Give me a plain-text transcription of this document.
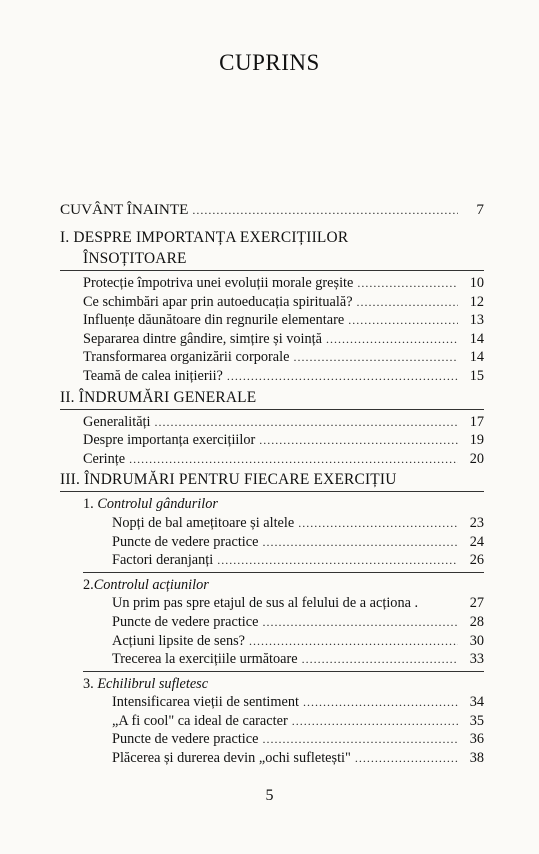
CUPRINS
CUVÂNT ÎNAINTE .....	7
I. DESPRE IMPORTANȚA EXERCIȚIILOR
ÎNSOȚITOARE
Protecție împotriva unei evoluții morale greșite .....	10
Ce schimbări apar prin autoeducația spirituală? .....	12
Influențe dăunătoare din regnurile elementare .....	13
Separarea dintre gândire, simțire și voință .....	14
Transformarea organizării corporale .....	14
Teamă de calea inițierii? .....	15
II. ÎNDRUMĂRI GENERALE
Generalități .....	17
Despre importanța exercițiilor .....	19
Cerințe .....	20
III. ÎNDRUMĂRI PENTRU FIECARE EXERCIȚIU
1. Controlul gândurilor
Nopți de bal amețitoare și altele .....	23
Puncte de vedere practice .....	24
Factori deranjanți .....	26
2.Controlul acțiunilor
Un prim pas spre etajul de sus al felului de a acționa .	27
Puncte de vedere practice .....	28
Acțiuni lipsite de sens? .....	30
Trecerea la exercițiile următoare .....	33
3. Echilibrul sufletesc
Intensificarea vieții de sentiment .....	34
„A fi cool" ca ideal de caracter .....	35
Puncte de vedere practice .....	36
Plăcerea și durerea devin „ochi sufletești" .....	38
5
